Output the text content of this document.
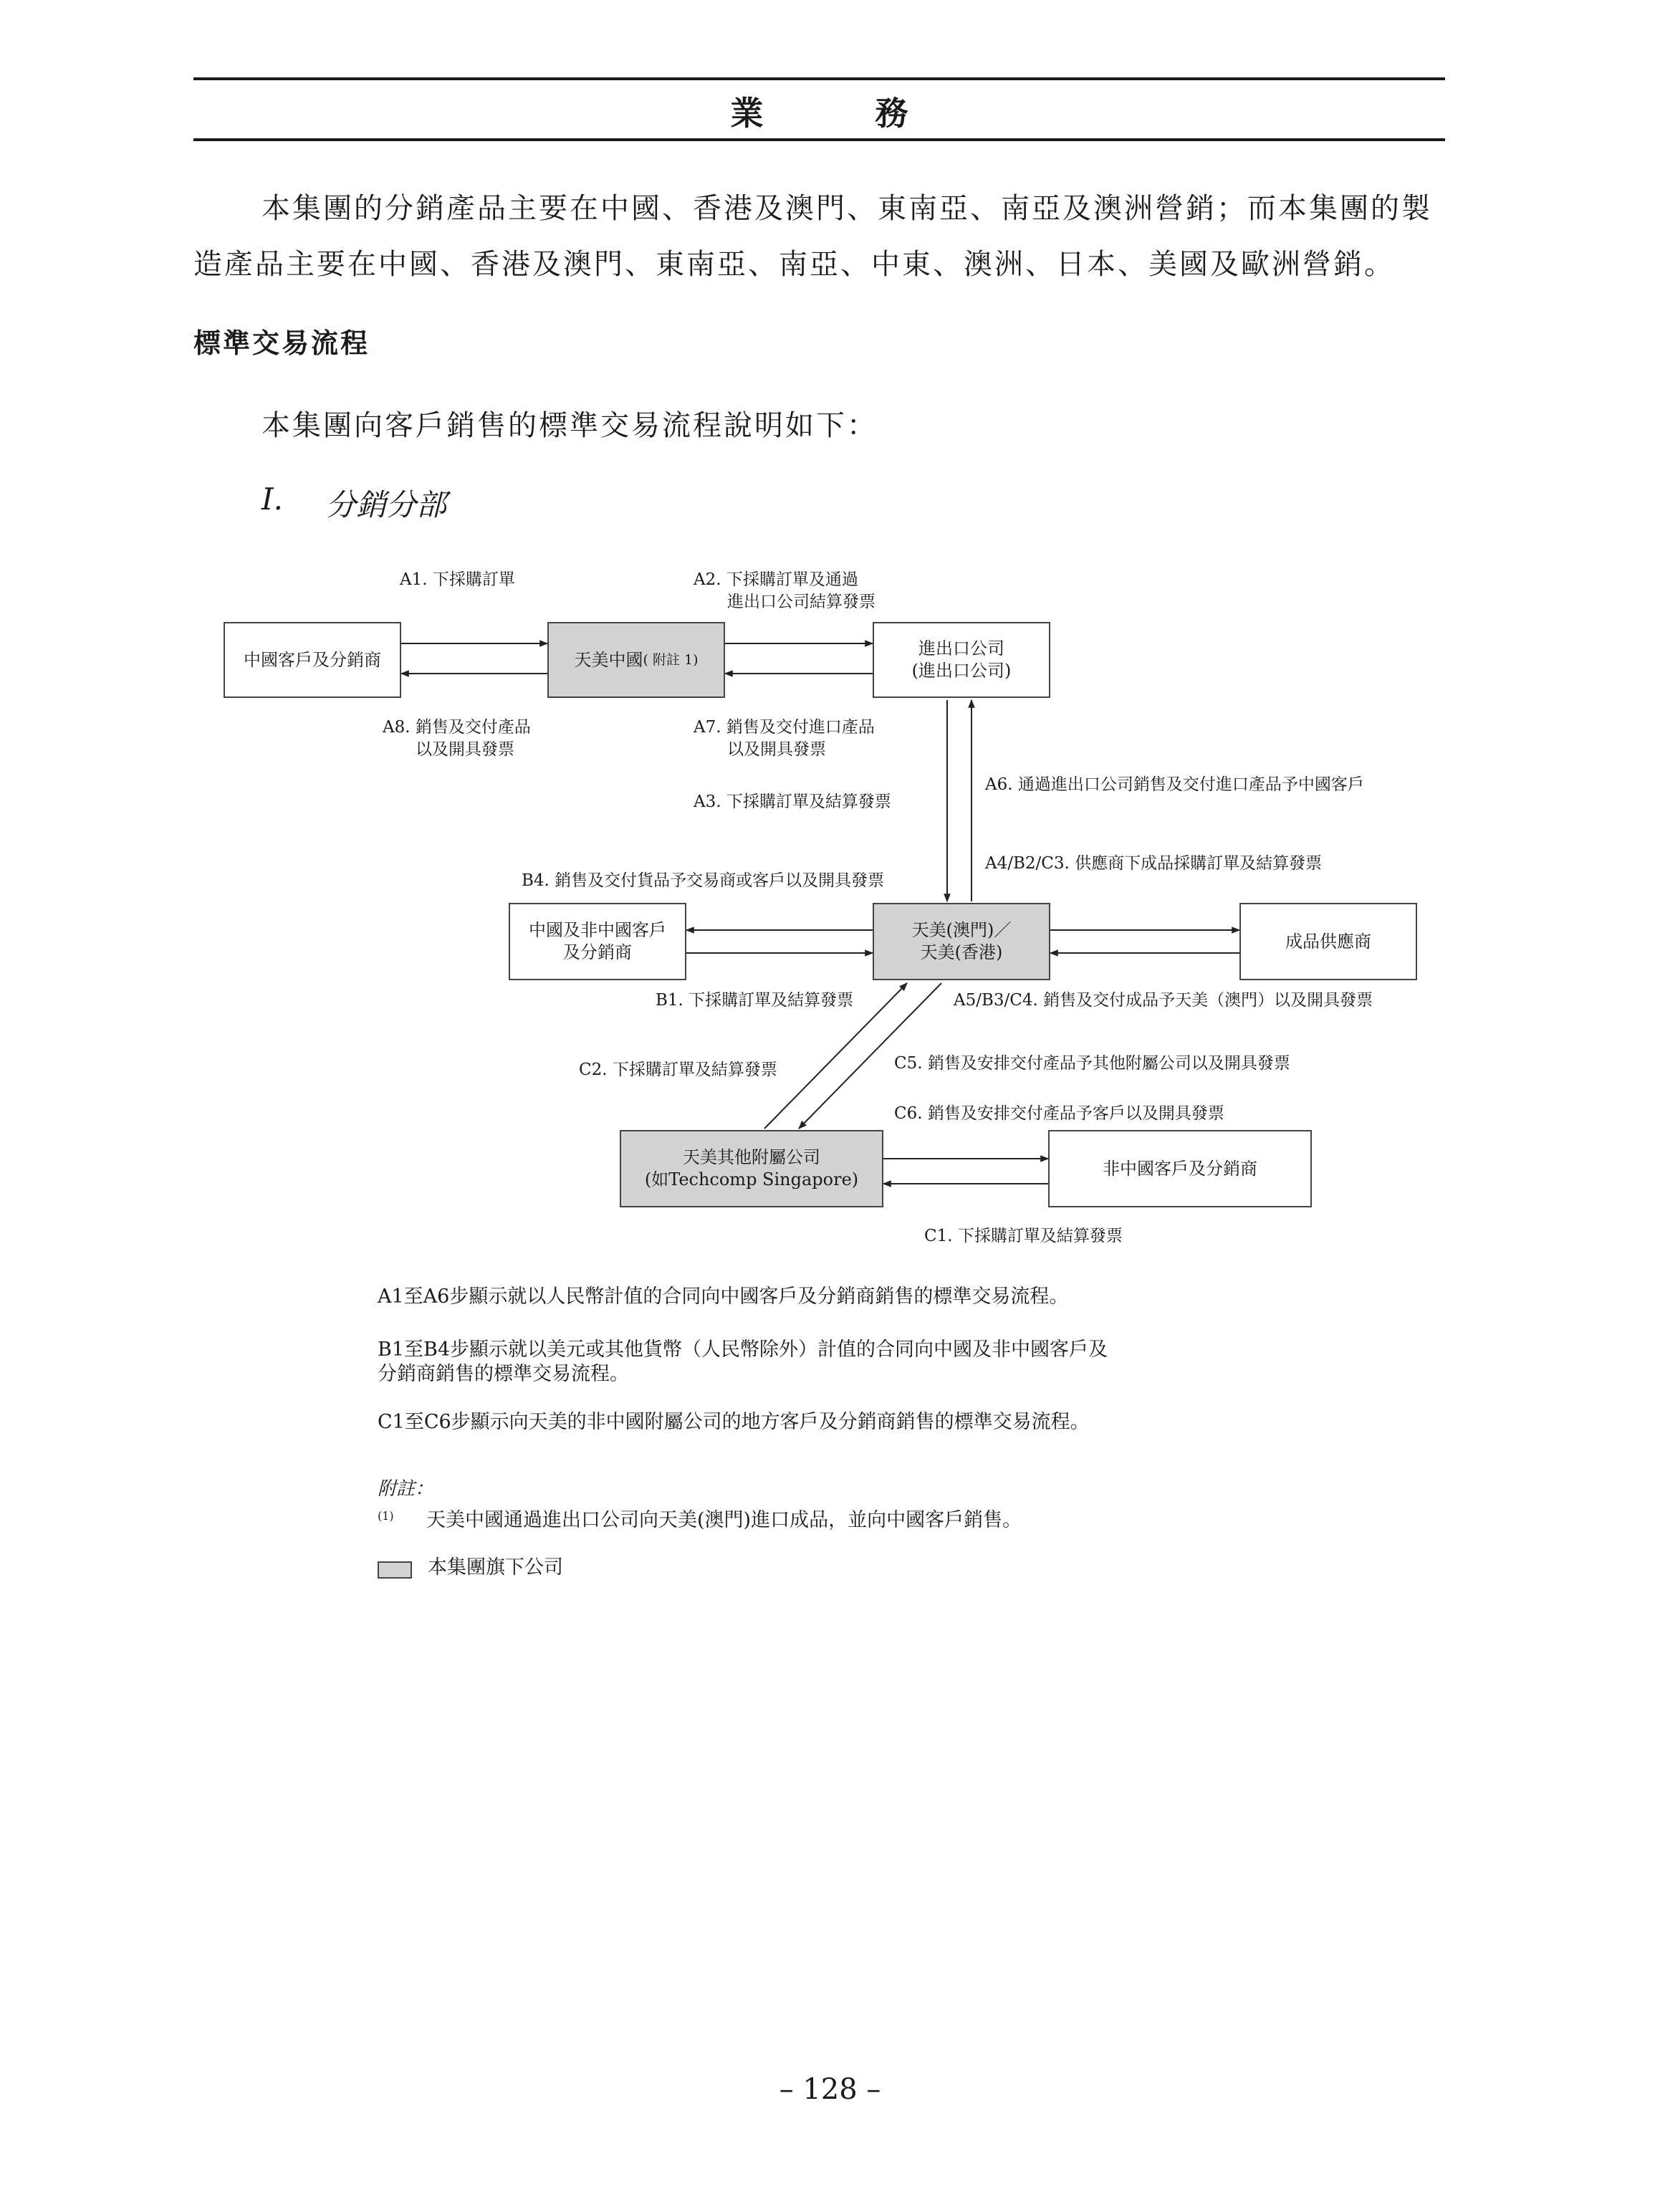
業 務
本集團的分銷產品主要在中國、香港及澳門、東南亞、南亞及澳洲營銷；而本集團的製
造產品主要在中國、香港及澳門、東南亞、南亞、中東、澳洲、日本、美國及歐洲營銷。
標準交易流程
本集團向客戶銷售的標準交易流程說明如下：
I. 分銷分部
中國客戶及分銷商	天美中國 ( 附註 1)
進出口公司
(進出口公司)
中國及非中國客戶
及分銷商
天美(澳門)／
天美(香港)
成品供應商
天美其他附屬公司
(如Techcomp Singapore)
非中國客戶及分銷商
A1. 下採購訂單	A2. 下採購訂單及通過
進出口公司結算發票
A8. 銷售及交付產品
以及開具發票
A7. 銷售及交付進口產品
以及開具發票
A3. 下採購訂單及結算發票
A6. 通過進出口公司銷售及交付進口產品予中國客戶
A4/B2/C3. 供應商下成品採購訂單及結算發票
B4. 銷售及交付貨品予交易商或客戶以及開具發票
B1. 下採購訂單及結算發票	A5/B3/C4. 銷售及交付成品予天美（澳門）以及開具發票
C2. 下採購訂單及結算發票	C5. 銷售及安排交付產品予其他附屬公司以及開具發票
C6. 銷售及安排交付產品予客戶以及開具發票
C1. 下採購訂單及結算發票
A1至A6步顯示就以人民幣計值的合同向中國客戶及分銷商銷售的標準交易流程。
B1至B4步顯示就以美元或其他貨幣（人民幣除外）計值的合同向中國及非中國客戶及
分銷商銷售的標準交易流程。
C1至C6步顯示向天美的非中國附屬公司的地方客戶及分銷商銷售的標準交易流程。
附註：
(1) 天美中國通過進出口公司向天美(澳門)進口成品，並向中國客戶銷售。
本集團旗下公司
– 128 –
